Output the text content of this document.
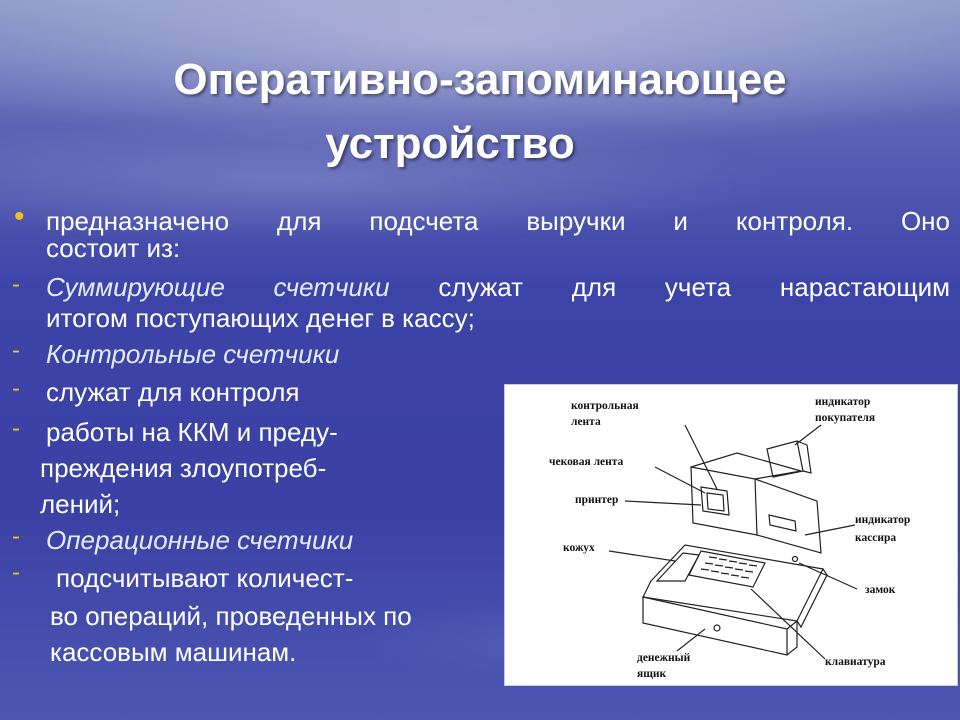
Оперативно-запоминающее
устройство
• предназначено для подсчета выручки и контроля. Оно
состоит из:
- Суммирующие счетчики служат для учета нарастающим
итогом поступающих денег в кассу;
- Контрольные счетчики
- служат для контроля
- работы на ККМ и преду-
преждения злоупотреб-
лений;
- Операционные счетчики
- подсчитывают количест-
во операций, проведенных по
кассовым машинам.
контрольная
лента
индикатор
покупателя
чековая лента
принтер
индикатор
кассира
кожух
замок
денежный
ящик
клавиатура
